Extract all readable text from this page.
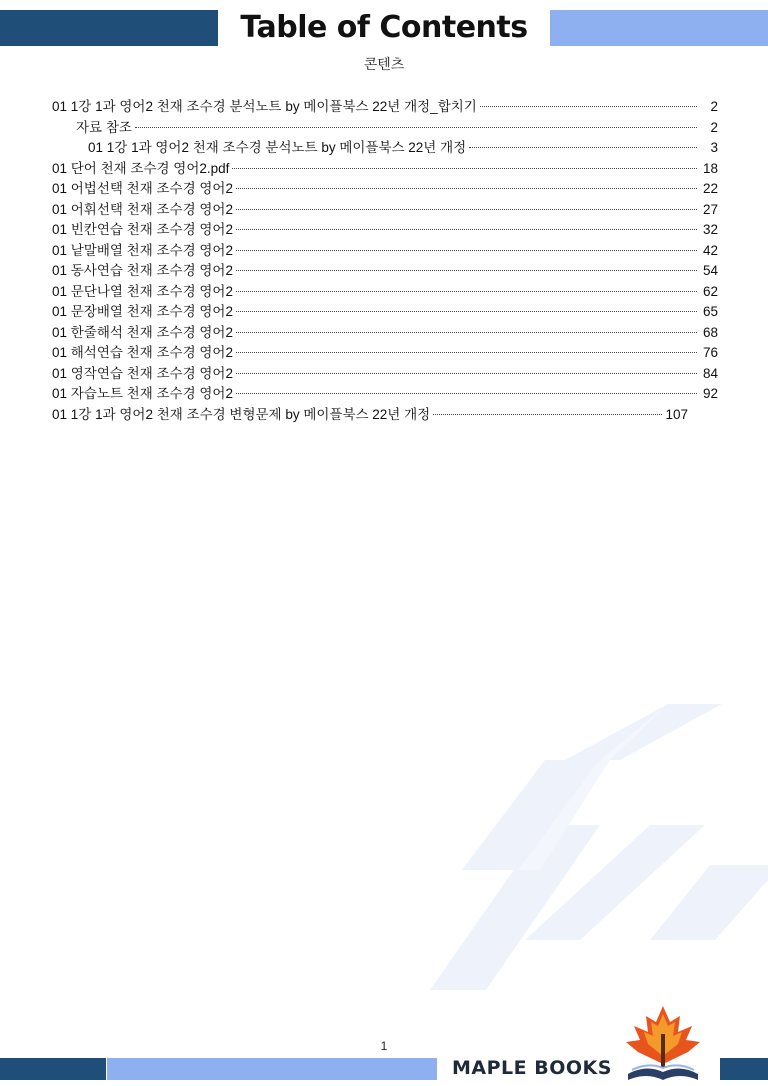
Table of Contents
콘텐츠
01 1강 1과 영어2 천재 조수경 분석노트 by 메이플북스 22년 개정_합치기	2
자료 참조	2
01 1강 1과 영어2 천재 조수경 분석노트 by 메이플북스 22년 개정	3
01 단어 천재 조수경 영어2.pdf	18
01 어법선택 천재 조수경 영어2	22
01 어휘선택 천재 조수경 영어2	27
01 빈칸연습 천재 조수경 영어2	32
01 낱말배열 천재 조수경 영어2	42
01 동사연습 천재 조수경 영어2	54
01 문단나열 천재 조수경 영어2	62
01 문장배열 천재 조수경 영어2	65
01 한줄해석 천재 조수경 영어2	68
01 해석연습 천재 조수경 영어2	76
01 영작연습 천재 조수경 영어2	84
01 자습노트 천재 조수경 영어2	92
01 1강 1과 영어2 천재 조수경 변형문제 by 메이플북스 22년 개정	107
1
MAPLE BOOKS
